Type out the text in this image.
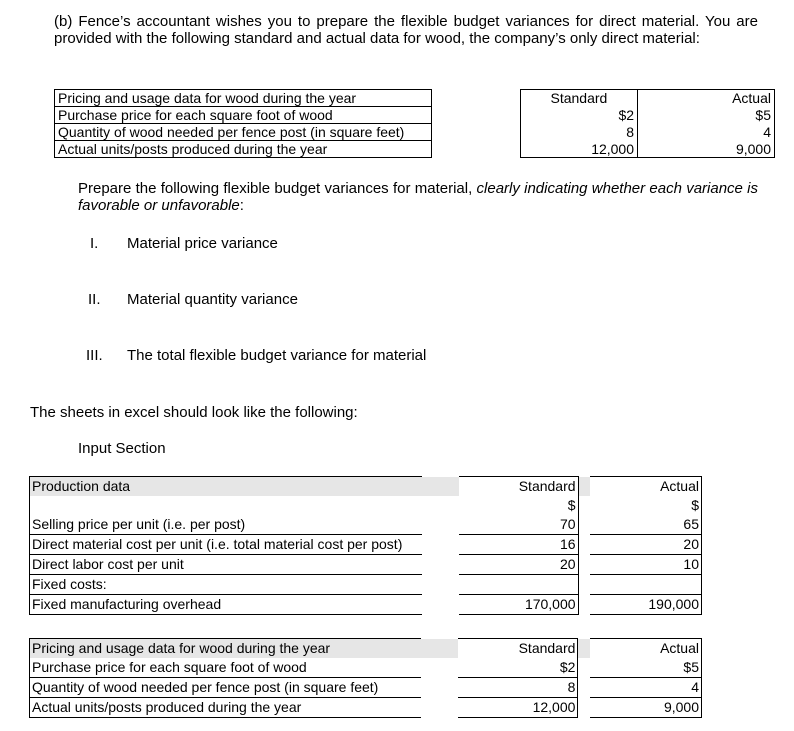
(b) Fence’s accountant wishes you to prepare the flexible budget variances for direct material. You are provided with the following standard and actual data for wood, the company’s only direct material:
Pricing and usage data for wood during the year		Standard	Actual
Purchase price for each square foot of wood		$2	$5
Quantity of wood needed per fence post (in square feet)		8	4
Actual units/posts produced during the year		12,000	9,000
Prepare the following flexible budget variances for material, clearly indicating whether each variance is favorable or unfavorable:
I. Material price variance
II. Material quantity variance
III. The total flexible budget variance for material
The sheets in excel should look like the following:
Input Section
Production data		Standard		Actual
		$		$
Selling price per unit (i.e. per post)		70		65
Direct material cost per unit (i.e. total material cost per post)		16		20
Direct labor cost per unit		20		10
Fixed costs:				
Fixed manufacturing overhead		170,000		190,000
Pricing and usage data for wood during the year		Standard		Actual
Purchase price for each square foot of wood		$2		$5
Quantity of wood needed per fence post (in square feet)		8		4
Actual units/posts produced during the year		12,000		9,000
